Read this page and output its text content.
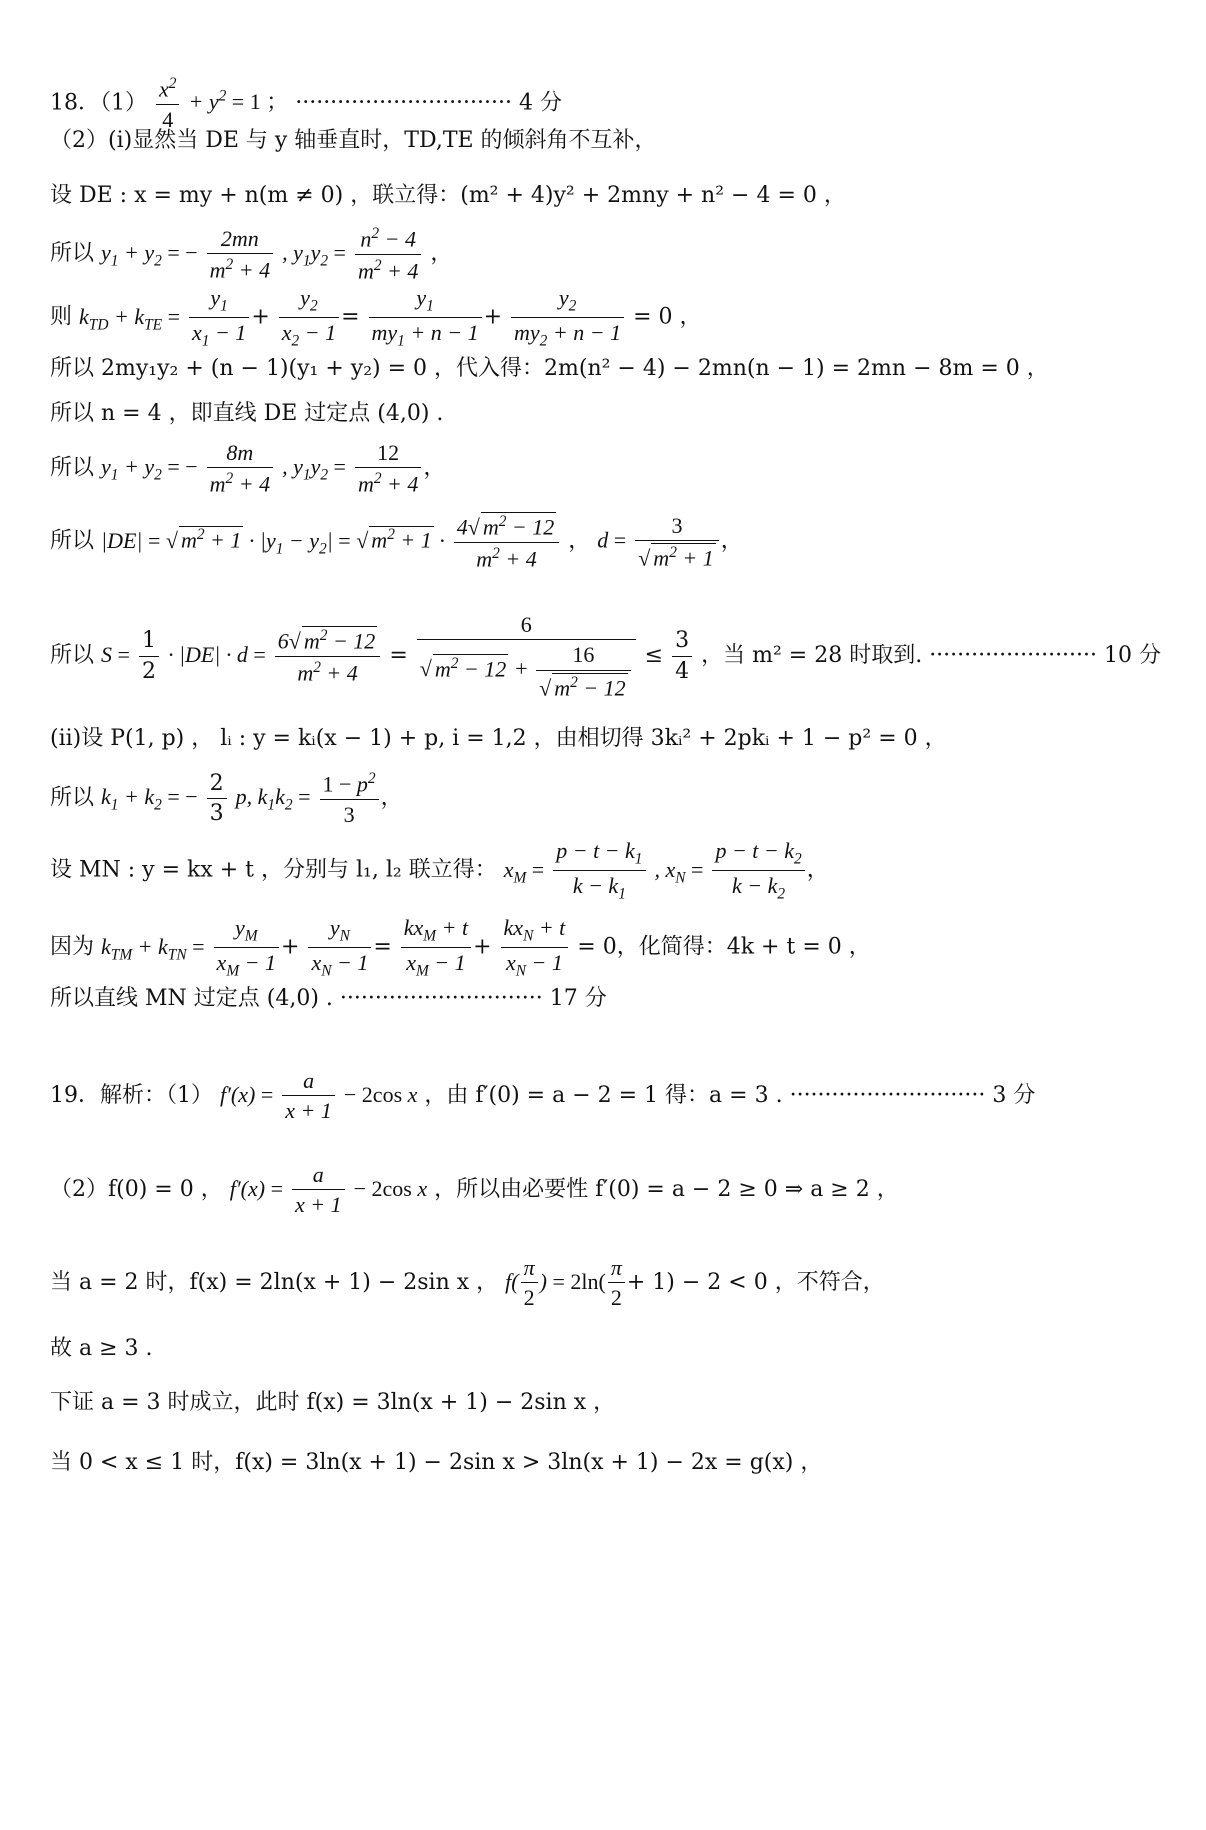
18．$(1) \frac{x^2}{4} + y^2 = 1$ ； ······························· 4 分
（2）(i)显然当 DE 与 y 轴垂直时，TD,TE 的倾斜角不互补，
设 DE : x = my + n(m ≠ 0) ，联立得：(m² + 4)y² + 2mny + n² − 4 = 0 ，
所以 $y_1 + y_2$ = − $\frac{2mn}{m^2 + 4}$ , $y_1y_2 = \frac{n^2 - 4}{m^2 + 4}$ ，
则 $k_{TD} + k_{TE} = \frac{y_1}{x_1 - 1} + \frac{y_2}{x_2 - 1} = \frac{y_1}{my_1 + n - 1} + \frac{y_2}{my_2 + n - 1} = 0$ ，
所以 2my₁y₂ + (n − 1)(y₁ + y₂) = 0 ，代入得：2m(n² − 4) − 2mn(n − 1) = 2mn − 8m = 0 ，
所以 n = 4 ，即直线 DE 过定点 (4,0) .
所以 $y_1 + y_2$ = − $\frac{8m}{m^2 + 4}$ , $y_1y_2 = \frac{12}{m^2 + 4}$ ，
所以 |DE| = √ $m^2 + 1 \cdot |y_1 - y_2|$ = √ $m^2 + 1 \cdot \frac{4√ m^2 - 12}{m^2 + 4}$ ， $d = \frac{3}{√ m^2 + 1}$ ，
所以 $S = \frac{1}{2} \cdot |DE| \cdot d = \frac{6√ m^2 - 12}{m^2 + 4} = \frac{6}{√ m^2 - 12 + \frac{16}{√ m^2 - 12}} \le \frac{3}{4}$ ，当 m² = 28 时取到. ························ 10 分
(ii)设 P(1, p) ， lᵢ : y = kᵢ(x − 1) + p, i = 1,2 ，由相切得 3kᵢ² + 2pkᵢ + 1 − p² = 0 ，
所以 $k_1 + k_2$ = − $\frac{2}{3} p$, $k_1k_2 = \frac{1 - p^2}{3}$ ，
设 MN : y = kx + t ，分别与 l₁, l₂ 联立得： $x_M = \frac{p - t - k_1}{k - k_1}$ , $x_N = \frac{p - t - k_2}{k - k_2}$ ，
因为 $k_{TM} + k_{TN} = \frac{y_M}{x_M - 1} + \frac{y_N}{x_N - 1} = \frac{kx_M + t}{x_M - 1} + \frac{kx_N + t}{x_N - 1} = 0$，化简得：4k + t = 0 ，
所以直线 MN 过定点 (4,0) . ····························· 17 分
19．解析：（1） $f'(x) = \frac{a}{x + 1} - 2\cos$ x ，由 f′(0) = a − 2 = 1 得：a = 3 . ···························· 3 分
（2）f(0) = 0 ， $f'(x) = \frac{a}{x + 1} - 2\cos$ x ，所以由必要性 f′(0) = a − 2 ≥ 0 ⇒ a ≥ 2 ，
当 a = 2 时，f(x) = 2ln(x + 1) − 2sin x ， $f( \frac{\pi}{2}$ ) = $2\ln( \frac{\pi}{2} + 1) - 2 < 0$ ，不符合，
故 a ≥ 3 .
下证 a = 3 时成立，此时 f(x) = 3ln(x + 1) − 2sin x ，
当 0 < x ≤ 1 时，f(x) = 3ln(x + 1) − 2sin x > 3ln(x + 1) − 2x = g(x) ，
